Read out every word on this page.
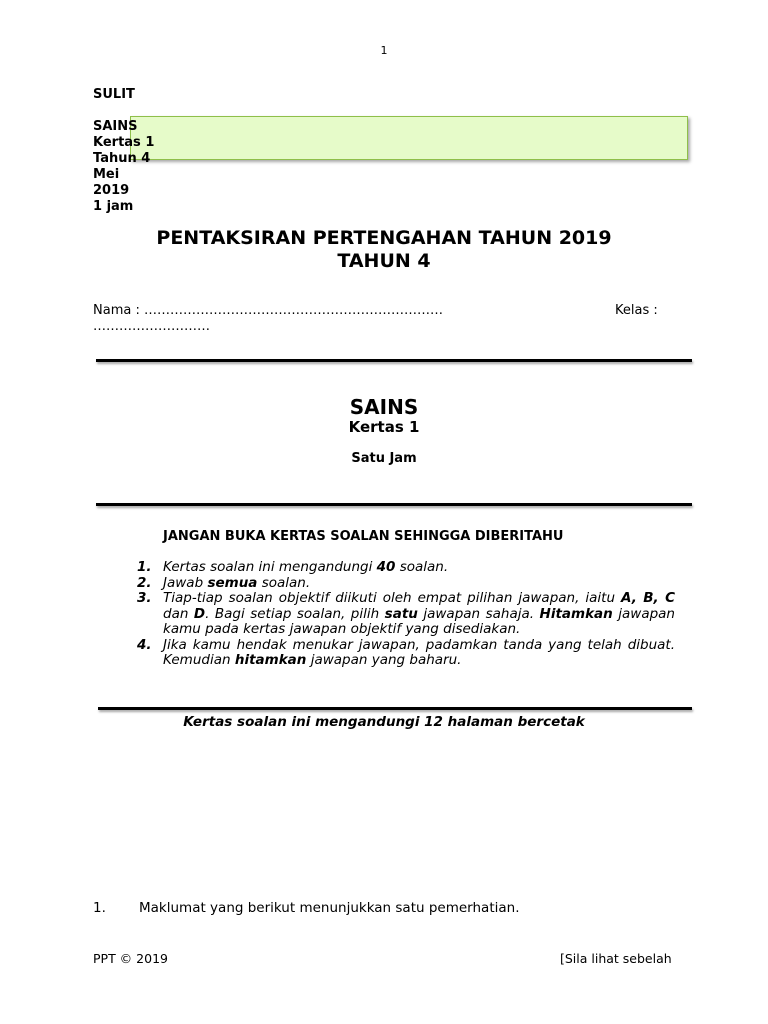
1
SULIT
SAINS
Kertas 1
Tahun 4
Mei
2019
1 jam
PENTAKSIRAN PERTENGAHAN TAHUN 2019
TAHUN 4
Nama : ……………………………………………………………	Kelas :
………………………
SAINS
Kertas 1
Satu Jam
JANGAN BUKA KERTAS SOALAN SEHINGGA DIBERITAHU
1. Kertas soalan ini mengandungi 40 soalan.
2. Jawab semua soalan.
3. Tiap-tiap soalan objektif diikuti oleh empat pilihan jawapan, iaitu A, B, C dan D. Bagi setiap soalan, pilih satu jawapan sahaja. Hitamkan jawapan kamu pada kertas jawapan objektif yang disediakan.
4. Jika kamu hendak menukar jawapan, padamkan tanda yang telah dibuat. Kemudian hitamkan jawapan yang baharu.
Kertas soalan ini mengandungi 12 halaman bercetak
1. Maklumat yang berikut menunjukkan satu pemerhatian.
PPT © 2019	[Sila lihat sebelah
